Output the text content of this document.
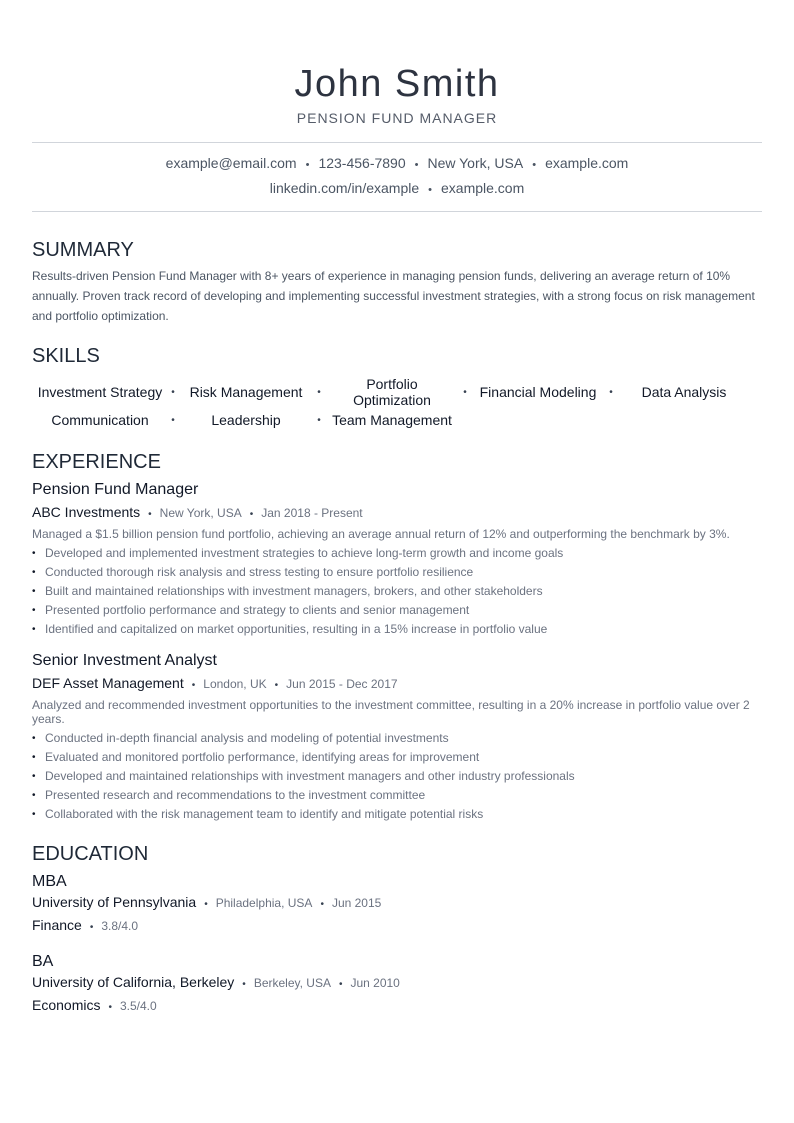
John Smith
PENSION FUND MANAGER
example@email.com • 123-456-7890 • New York, USA • example.com
linkedin.com/in/example • example.com
SUMMARY
Results-driven Pension Fund Manager with 8+ years of experience in managing pension funds, delivering an average return of 10% annually. Proven track record of developing and implementing successful investment strategies, with a strong focus on risk management and portfolio optimization.
SKILLS
Investment Strategy •	Risk Management	•	Portfolio Optimization	• Financial Modeling	•	Data Analysis
Communication	•	Leadership	• Team Management
EXPERIENCE
Pension Fund Manager
ABC Investments • New York, USA • Jan 2018 - Present
Managed a $1.5 billion pension fund portfolio, achieving an average annual return of 12% and outperforming the benchmark by 3%.
• Developed and implemented investment strategies to achieve long-term growth and income goals
• Conducted thorough risk analysis and stress testing to ensure portfolio resilience
• Built and maintained relationships with investment managers, brokers, and other stakeholders
• Presented portfolio performance and strategy to clients and senior management
• Identified and capitalized on market opportunities, resulting in a 15% increase in portfolio value
Senior Investment Analyst
DEF Asset Management • London, UK • Jun 2015 - Dec 2017
Analyzed and recommended investment opportunities to the investment committee, resulting in a 20% increase in portfolio value over 2 years.
• Conducted in-depth financial analysis and modeling of potential investments
• Evaluated and monitored portfolio performance, identifying areas for improvement
• Developed and maintained relationships with investment managers and other industry professionals
• Presented research and recommendations to the investment committee
• Collaborated with the risk management team to identify and mitigate potential risks
EDUCATION
MBA
University of Pennsylvania • Philadelphia, USA • Jun 2015
Finance • 3.8/4.0
BA
University of California, Berkeley • Berkeley, USA • Jun 2010
Economics • 3.5/4.0
